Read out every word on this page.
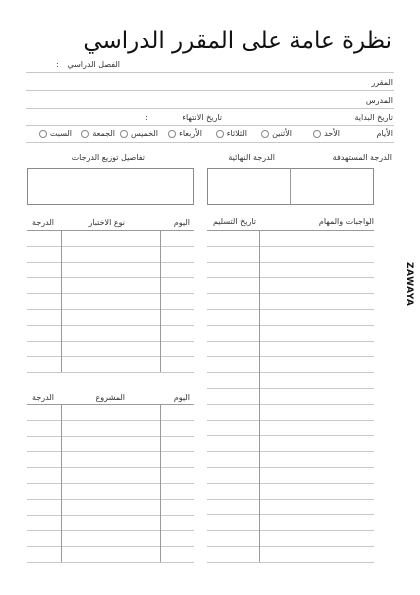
نظرة عامة على المقرر الدراسي
الفصل الدراسي
:
المقرر
المدرس
تاريخ البداية
تاريخ الانتهاء
:
الأيام
الأحد
الأثنين
الثلاثاء
الأربعاء
الخميس
الجمعة
السبت
الدرجة المستهدفة
الدرجة النهائية
تفاصيل توزيع الدرجات
الواجبات والمهام
تاريخ التسليم
اليوم
نوع الاختبار
الدرجة
اليوم
المشروع
الدرجة
ZAWAYA
